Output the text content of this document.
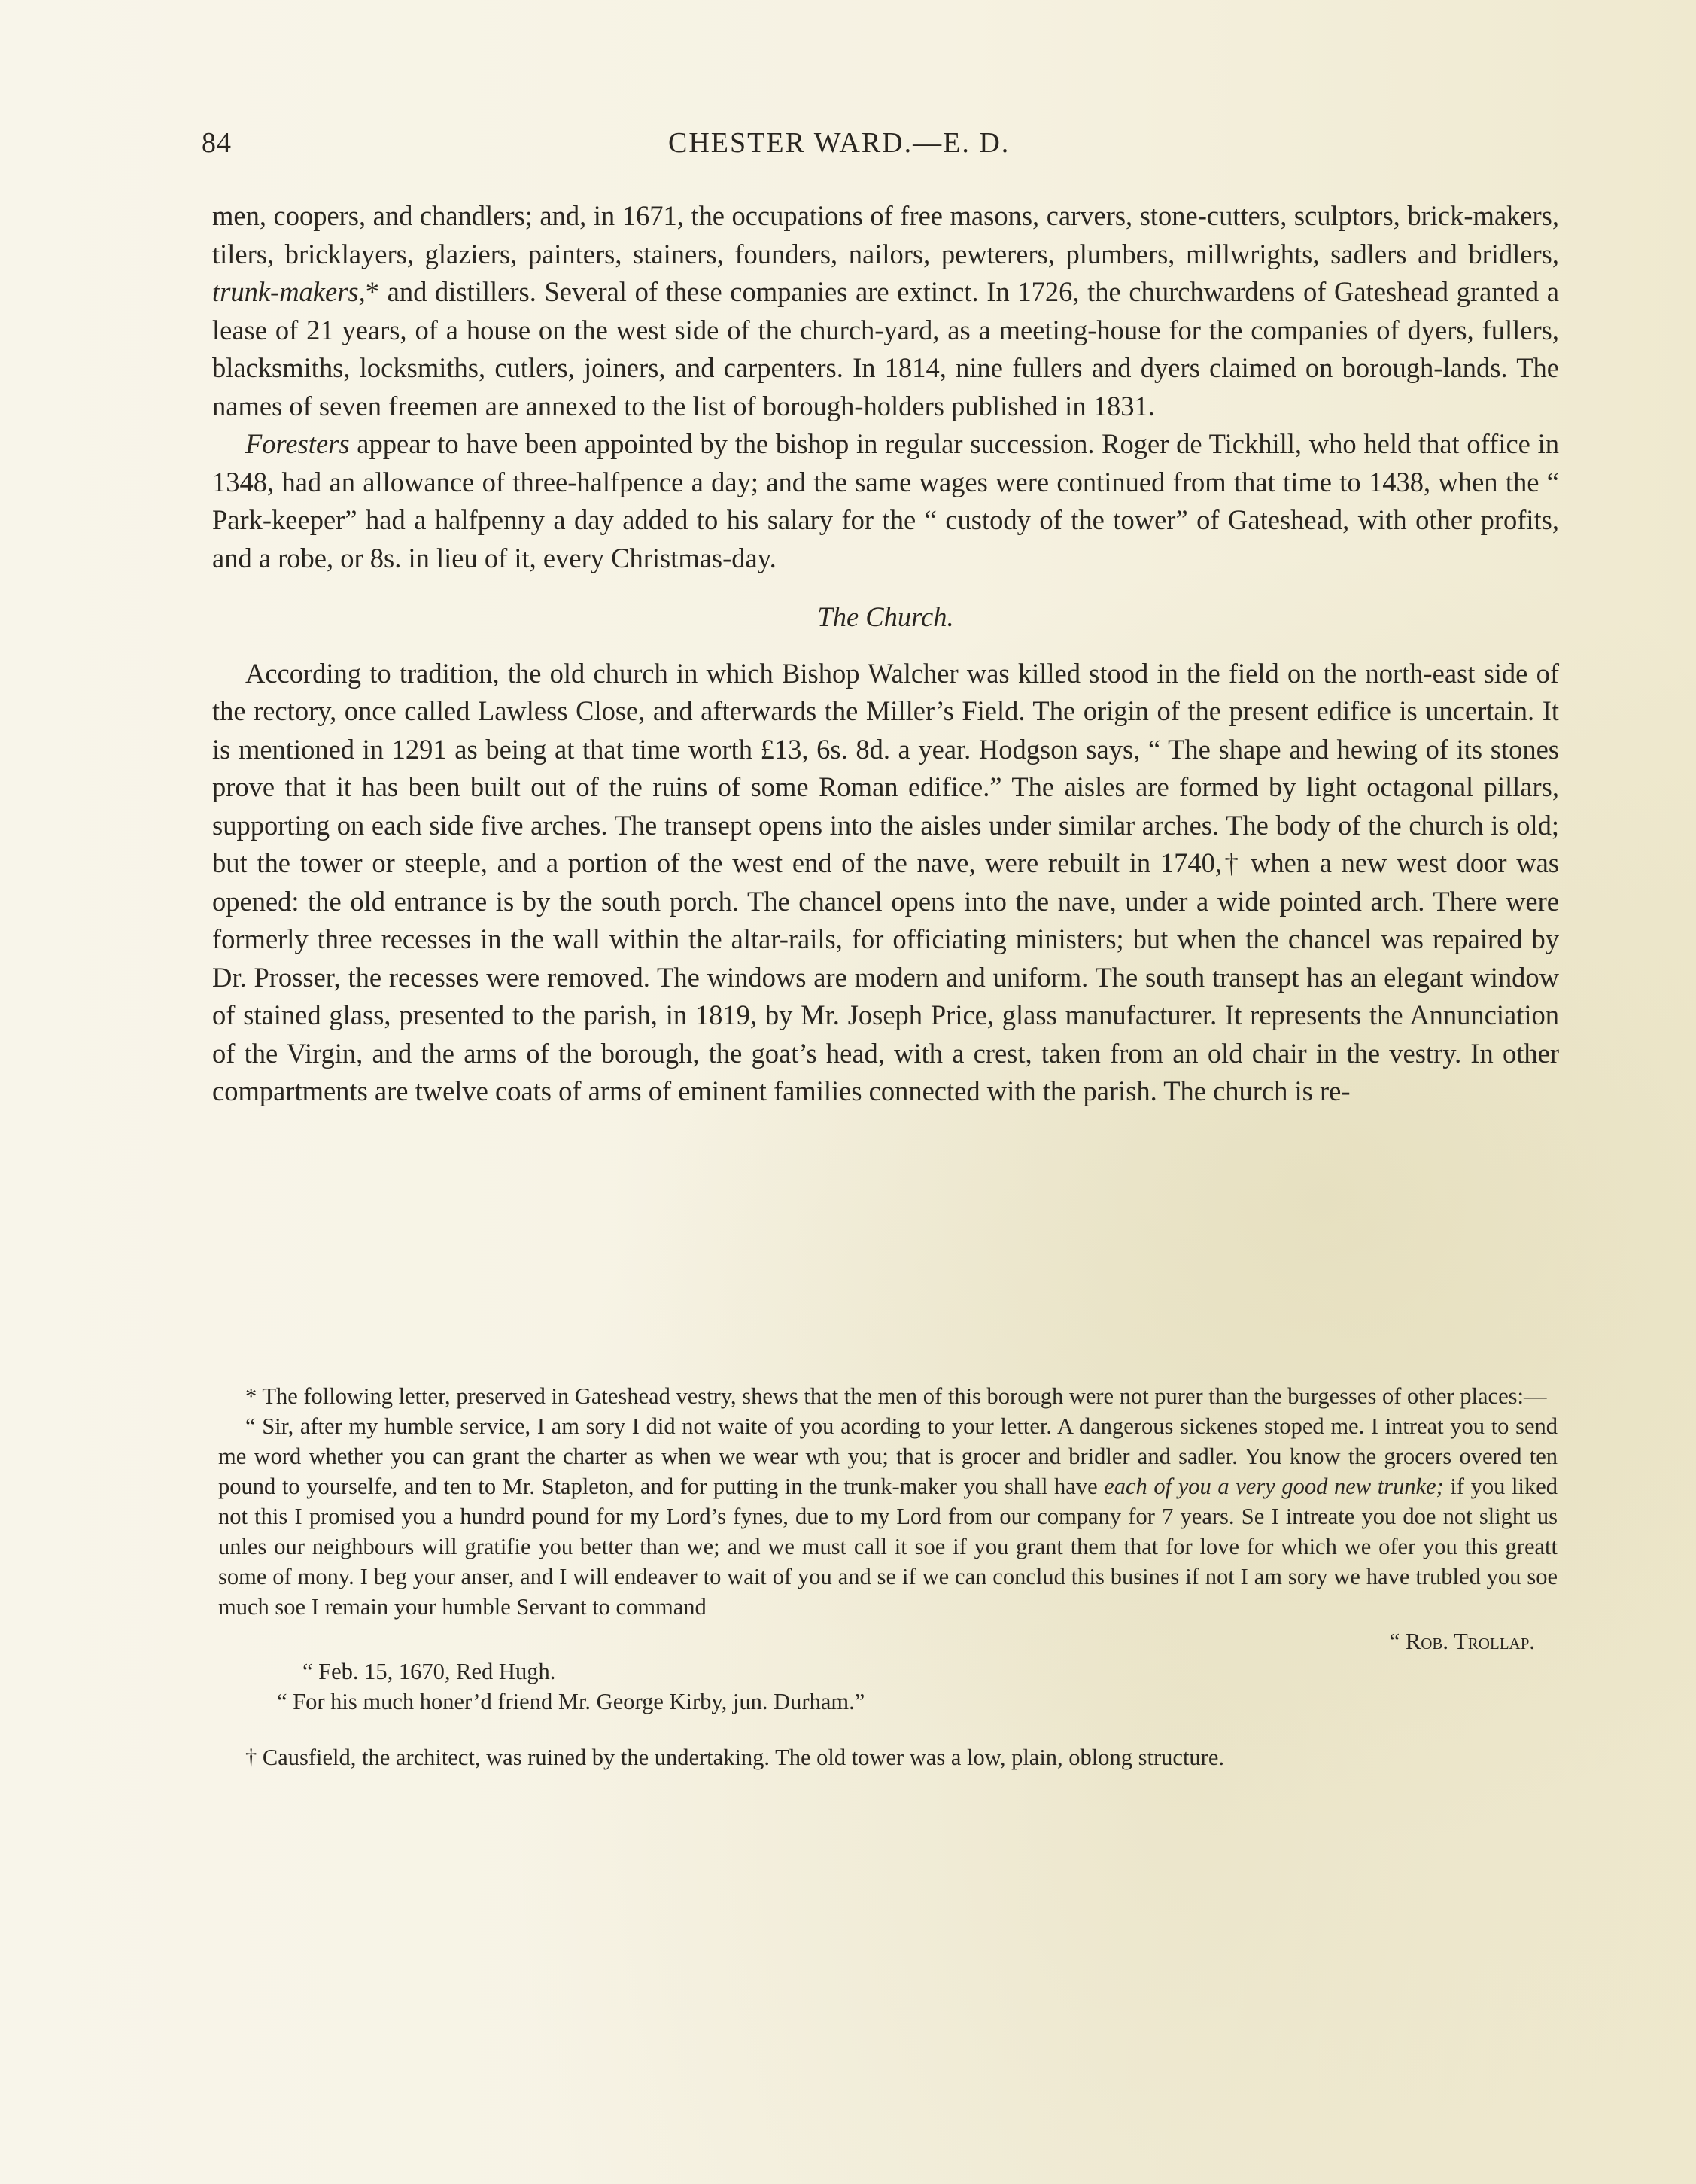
84	CHESTER WARD.—E. D.

men, coopers, and chandlers; and, in 1671, the occupations of free masons, carvers, stone-cutters, sculptors, brick-makers, tilers, bricklayers, glaziers, painters, stainers, founders, nailors, pewterers, plumbers, millwrights, sadlers and bridlers, trunk-makers,* and distillers. Several of these companies are extinct. In 1726, the churchwardens of Gateshead granted a lease of 21 years, of a house on the west side of the church-yard, as a meeting-house for the companies of dyers, fullers, blacksmiths, locksmiths, cutlers, joiners, and carpenters. In 1814, nine fullers and dyers claimed on borough-lands. The names of seven freemen are annexed to the list of borough-holders published in 1831.

Foresters appear to have been appointed by the bishop in regular succession. Roger de Tickhill, who held that office in 1348, had an allowance of three-halfpence a day; and the same wages were continued from that time to 1438, when the “ Park-keeper” had a halfpenny a day added to his salary for the “ custody of the tower” of Gateshead, with other profits, and a robe, or 8s. in lieu of it, every Christmas-day.

The Church.

According to tradition, the old church in which Bishop Walcher was killed stood in the field on the north-east side of the rectory, once called Lawless Close, and afterwards the Miller’s Field. The origin of the present edifice is uncertain. It is mentioned in 1291 as being at that time worth £13, 6s. 8d. a year. Hodgson says, “ The shape and hewing of its stones prove that it has been built out of the ruins of some Roman edifice.” The aisles are formed by light octagonal pillars, supporting on each side five arches. The transept opens into the aisles under similar arches. The body of the church is old; but the tower or steeple, and a portion of the west end of the nave, were rebuilt in 1740,† when a new west door was opened: the old entrance is by the south porch. The chancel opens into the nave, under a wide pointed arch. There were formerly three recesses in the wall within the altar-rails, for officiating ministers; but when the chancel was repaired by Dr. Prosser, the recesses were removed. The windows are modern and uniform. The south transept has an elegant window of stained glass, presented to the parish, in 1819, by Mr. Joseph Price, glass manufacturer. It represents the Annunciation of the Virgin, and the arms of the borough, the goat’s head, with a crest, taken from an old chair in the vestry. In other compartments are twelve coats of arms of eminent families connected with the parish. The church is re-

* The following letter, preserved in Gateshead vestry, shews that the men of this borough were not purer than the burgesses of other places:—

“ Sir, after my humble service, I am sory I did not waite of you acording to your letter. A dangerous sickenes stoped me. I intreat you to send me word whether you can grant the charter as when we wear wth you; that is grocer and bridler and sadler. You know the grocers overed ten pound to yourselfe, and ten to Mr. Stapleton, and for putting in the trunk-maker you shall have each of you a very good new trunke; if you liked not this I promised you a hundrd pound for my Lord’s fynes, due to my Lord from our company for 7 years. Se I intreate you doe not slight us unles our neighbours will gratifie you better than we; and we must call it soe if you grant them that for love for which we ofer you this greatt some of mony. I beg your anser, and I will endeaver to wait of you and se if we can conclud this busines if not I am sory we have trubled you soe much soe I remain your humble Servant to command

“ Rob. Trollap.

“ Feb. 15, 1670, Red Hugh.

“ For his much honer’d friend Mr. George Kirby, jun. Durham.”

† Causfield, the architect, was ruined by the undertaking. The old tower was a low, plain, oblong structure.
